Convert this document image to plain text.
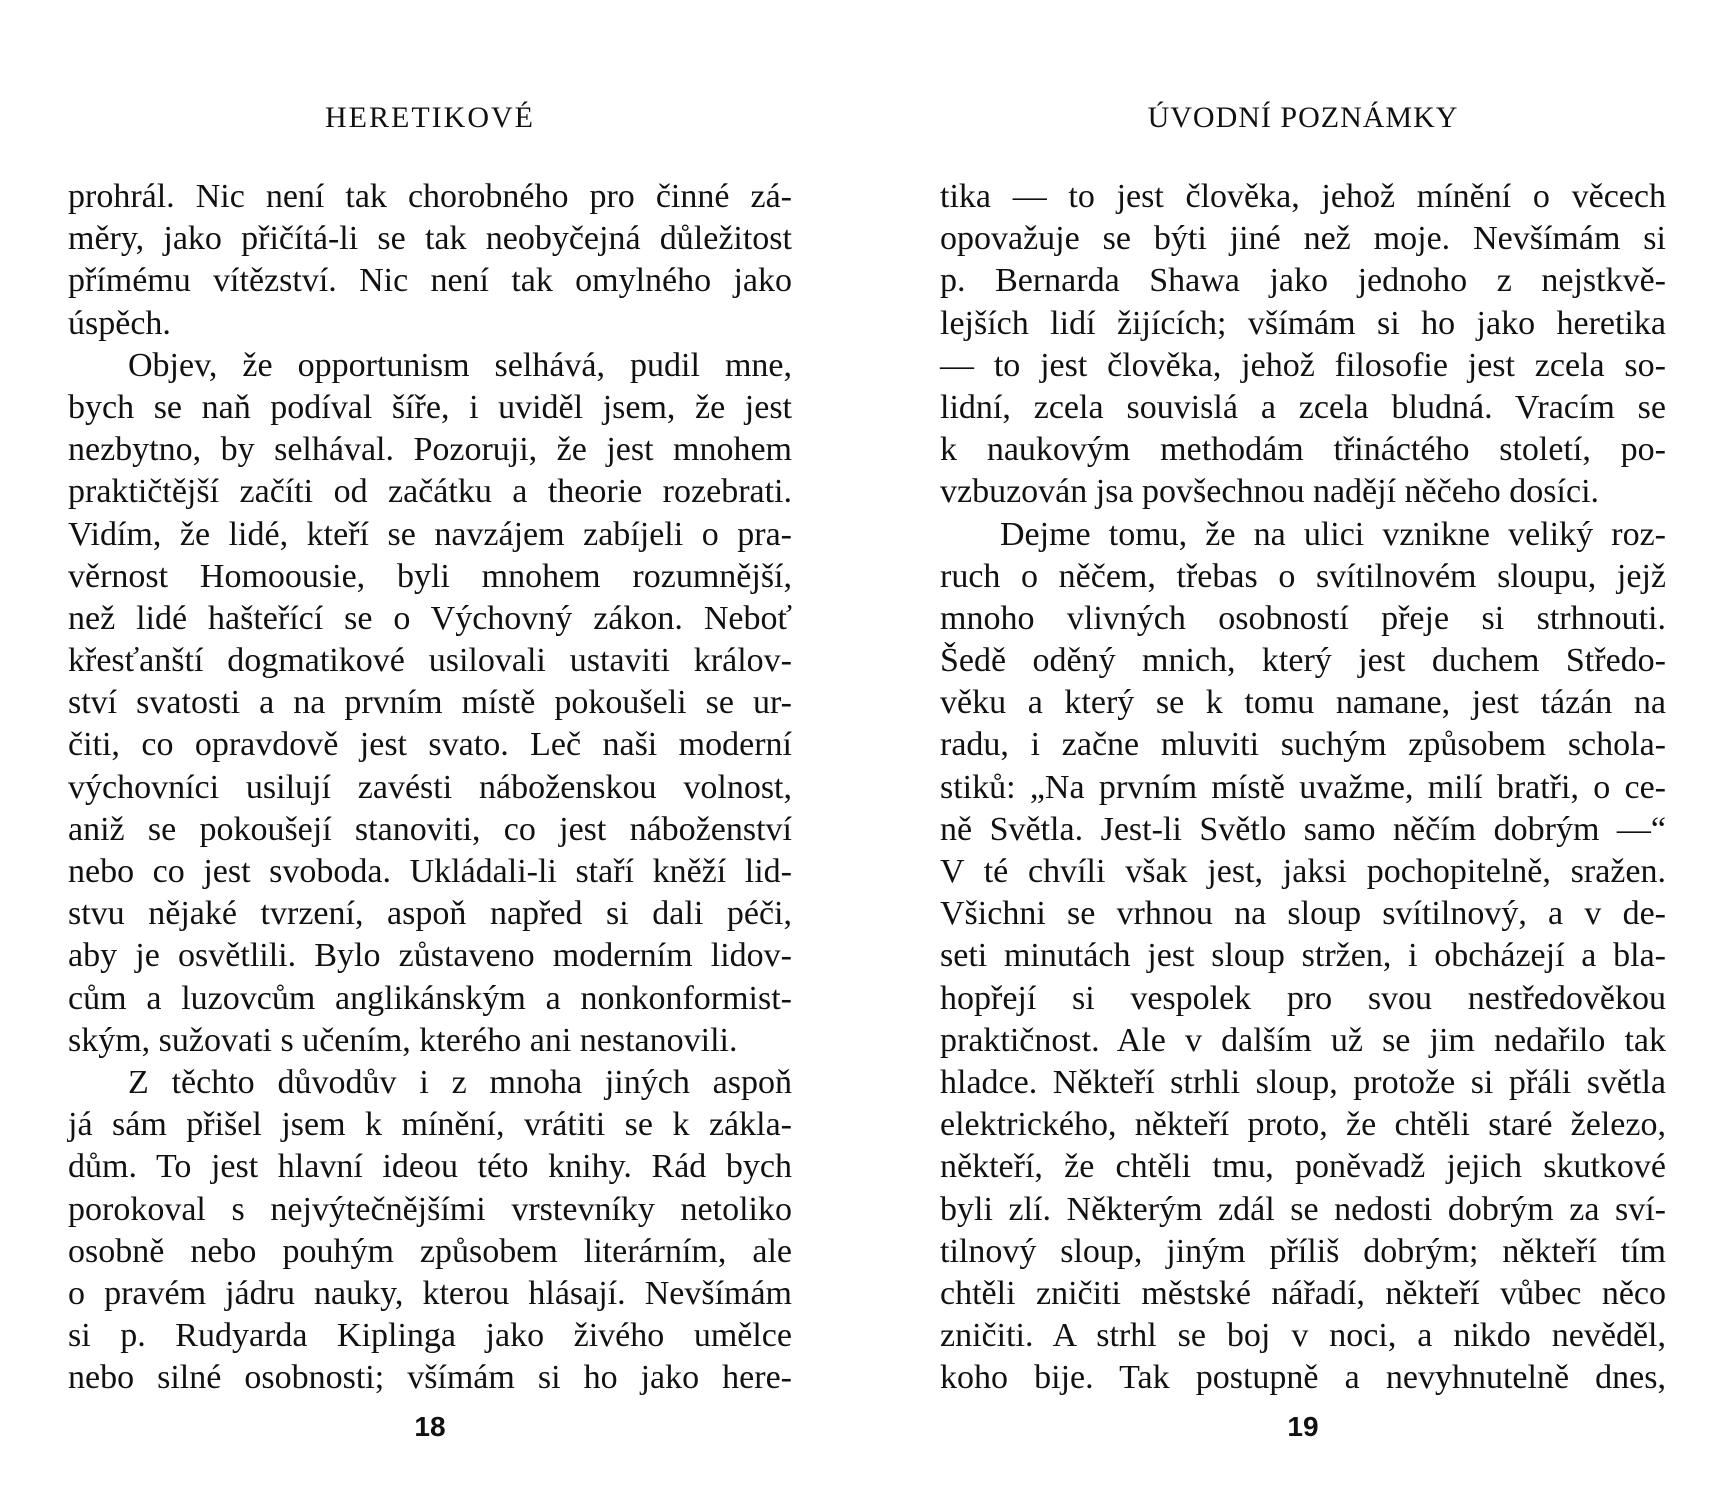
HERETIKOVÉ
prohrál. Nic není tak chorobného pro činné zá-
měry, jako přičítá-li se tak neobyčejná důležitost
přímému vítězství. Nic není tak omylného jako
úspěch.
Objev, že opportunism selhává, pudil mne,
bych se naň podíval šíře, i uviděl jsem, že jest
nezbytno, by selhával. Pozoruji, že jest mnohem
praktičtější začíti od začátku a theorie rozebrati.
Vidím, že lidé, kteří se navzájem zabíjeli o pra-
věrnost Homoousie, byli mnohem rozumnější,
než lidé hašteřící se o Výchovný zákon. Neboť
křesťanští dogmatikové usilovali ustaviti králov-
ství svatosti a na prvním místě pokoušeli se ur-
čiti, co opravdově jest svato. Leč naši moderní
výchovníci usilují zavésti náboženskou volnost,
aniž se pokoušejí stanoviti, co jest náboženství
nebo co jest svoboda. Ukládali-li staří kněží lid-
stvu nějaké tvrzení, aspoň napřed si dali péči,
aby je osvětlili. Bylo zůstaveno moderním lidov-
cům a luzovcům anglikánským a nonkonformist-
ským, sužovati s učením, kterého ani nestanovili.
Z těchto důvodův i z mnoha jiných aspoň
já sám přišel jsem k mínění, vrátiti se k zákla-
dům. To jest hlavní ideou této knihy. Rád bych
porokoval s nejvýtečnějšími vrstevníky netoliko
osobně nebo pouhým způsobem literárním, ale
o pravém jádru nauky, kterou hlásají. Nevšímám
si p. Rudyarda Kiplinga jako živého umělce
nebo silné osobnosti; všímám si ho jako here-
18
ÚVODNÍ POZNÁMKY
tika — to jest člověka, jehož mínění o věcech
opovažuje se býti jiné než moje. Nevšímám si
p. Bernarda Shawa jako jednoho z nejstkvě-
lejších lidí žijících; všímám si ho jako heretika
— to jest člověka, jehož filosofie jest zcela so-
lidní, zcela souvislá a zcela bludná. Vracím se
k naukovým methodám třináctého století, po-
vzbuzován jsa povšechnou nadějí něčeho dosíci.
Dejme tomu, že na ulici vznikne veliký roz-
ruch o něčem, třebas o svítilnovém sloupu, jejž
mnoho vlivných osobností přeje si strhnouti.
Šedě oděný mnich, který jest duchem Středo-
věku a který se k tomu namane, jest tázán na
radu, i začne mluviti suchým způsobem schola-
stiků: „Na prvním místě uvažme, milí bratři, o ce-
ně Světla. Jest-li Světlo samo něčím dobrým —“
V té chvíli však jest, jaksi pochopitelně, sražen.
Všichni se vrhnou na sloup svítilnový, a v de-
seti minutách jest sloup stržen, i obcházejí a bla-
hopřejí si vespolek pro svou nestředověkou
praktičnost. Ale v dalším už se jim nedařilo tak
hladce. Někteří strhli sloup, protože si přáli světla
elektrického, někteří proto, že chtěli staré železo,
někteří, že chtěli tmu, poněvadž jejich skutkové
byli zlí. Některým zdál se nedosti dobrým za sví-
tilnový sloup, jiným příliš dobrým; někteří tím
chtěli zničiti městské nářadí, někteří vůbec něco
zničiti. A strhl se boj v noci, a nikdo nevěděl,
koho bije. Tak postupně a nevyhnutelně dnes,
19
